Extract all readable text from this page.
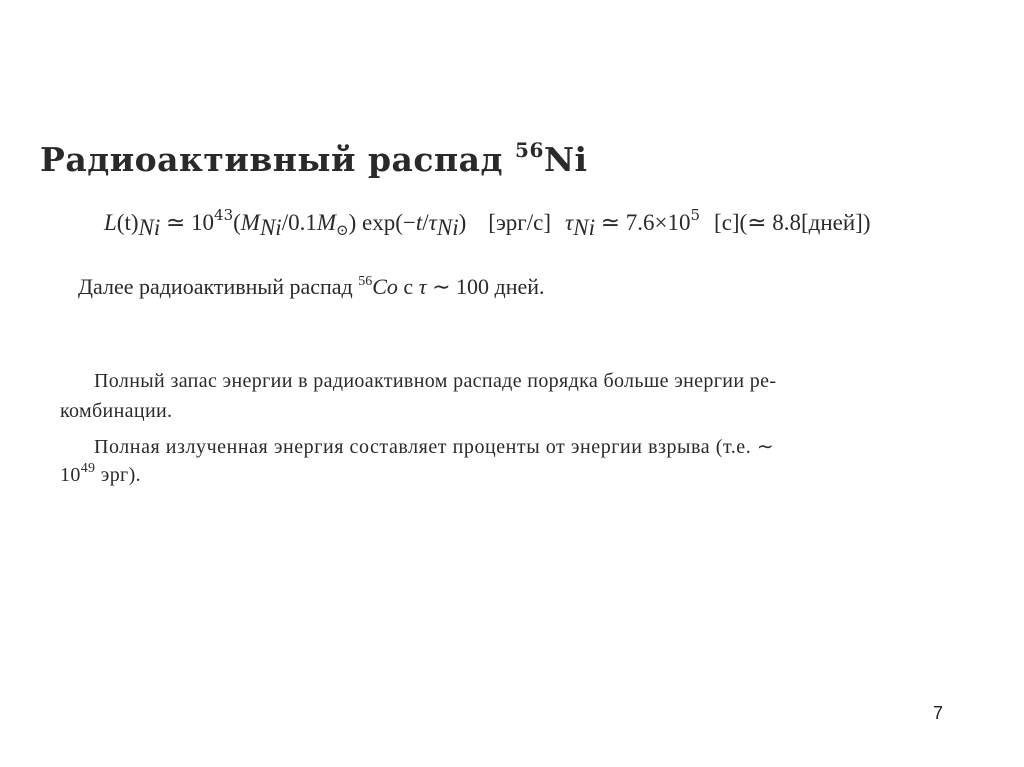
Радиоактивный распад $^{56}$Ni
$L(t)_{Ni}$ ≃ $10^{43}(M_{Ni}/0.1M_⊙)$ $\exp(-t/\tau_{Ni})$ [эрг/с] $\tau_{Ni}$ ≃ $7.6\times 10^5$ [с](≃ 8.8[дней])
Далее радиоактивный распад $^{56}$Co с τ ∼ 100 дней.
Полный запас энергии в радиоактивном распаде порядка больше энергии ре-
комбинации.
Полная излученная энергия составляет проценты от энергии взрыва (т.е. ∼
$10^{49}$ эрг).
7
